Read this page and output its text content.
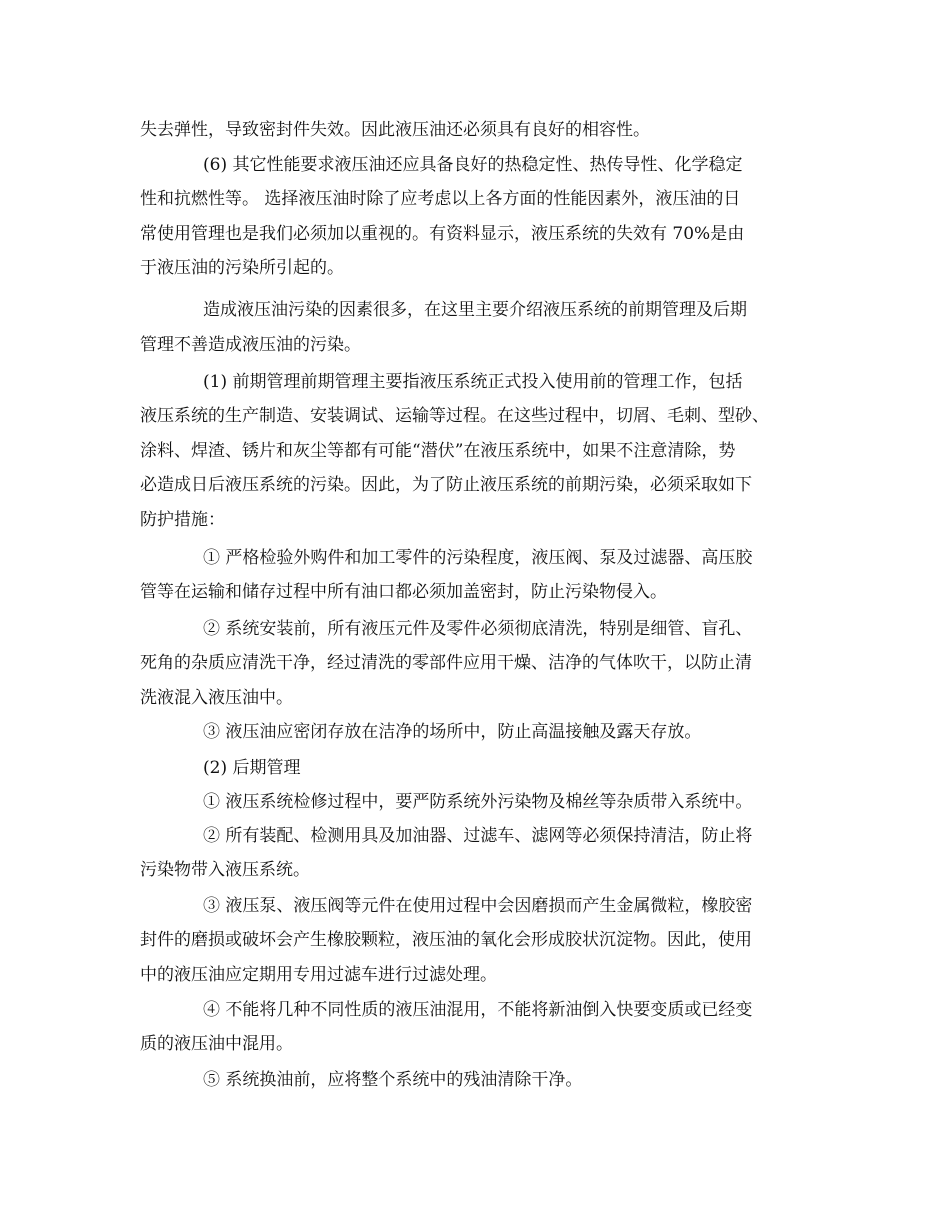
失去弹性，导致密封件失效。因此液压油还必须具有良好的相容性。
(6) 其它性能要求液压油还应具备良好的热稳定性、热传导性、化学稳定
性和抗燃性等。 选择液压油时除了应考虑以上各方面的性能因素外，液压油的日
常使用管理也是我们必须加以重视的。有资料显示，液压系统的失效有 70%是由
于液压油的污染所引起的。
造成液压油污染的因素很多，在这里主要介绍液压系统的前期管理及后期
管理不善造成液压油的污染。
(1) 前期管理前期管理主要指液压系统正式投入使用前的管理工作，包括
液压系统的生产制造、安装调试、运输等过程。在这些过程中，切屑、毛刺、型砂、
涂料、焊渣、锈片和灰尘等都有可能“潜伏”在液压系统中，如果不注意清除，势
必造成日后液压系统的污染。因此，为了防止液压系统的前期污染，必须采取如下
防护措施：
① 严格检验外购件和加工零件的污染程度，液压阀、泵及过滤器、高压胶
管等在运输和储存过程中所有油口都必须加盖密封，防止污染物侵入。
② 系统安装前，所有液压元件及零件必须彻底清洗，特别是细管、盲孔、
死角的杂质应清洗干净，经过清洗的零部件应用干燥、洁净的气体吹干，以防止清
洗液混入液压油中。
③ 液压油应密闭存放在洁净的场所中，防止高温接触及露天存放。
(2) 后期管理
① 液压系统检修过程中，要严防系统外污染物及棉丝等杂质带入系统中。
② 所有装配、检测用具及加油器、过滤车、滤网等必须保持清洁，防止将
污染物带入液压系统。
③ 液压泵、液压阀等元件在使用过程中会因磨损而产生金属微粒，橡胶密
封件的磨损或破坏会产生橡胶颗粒，液压油的氧化会形成胶状沉淀物。因此，使用
中的液压油应定期用专用过滤车进行过滤处理。
④ 不能将几种不同性质的液压油混用，不能将新油倒入快要变质或已经变
质的液压油中混用。
⑤ 系统换油前，应将整个系统中的残油清除干净。
